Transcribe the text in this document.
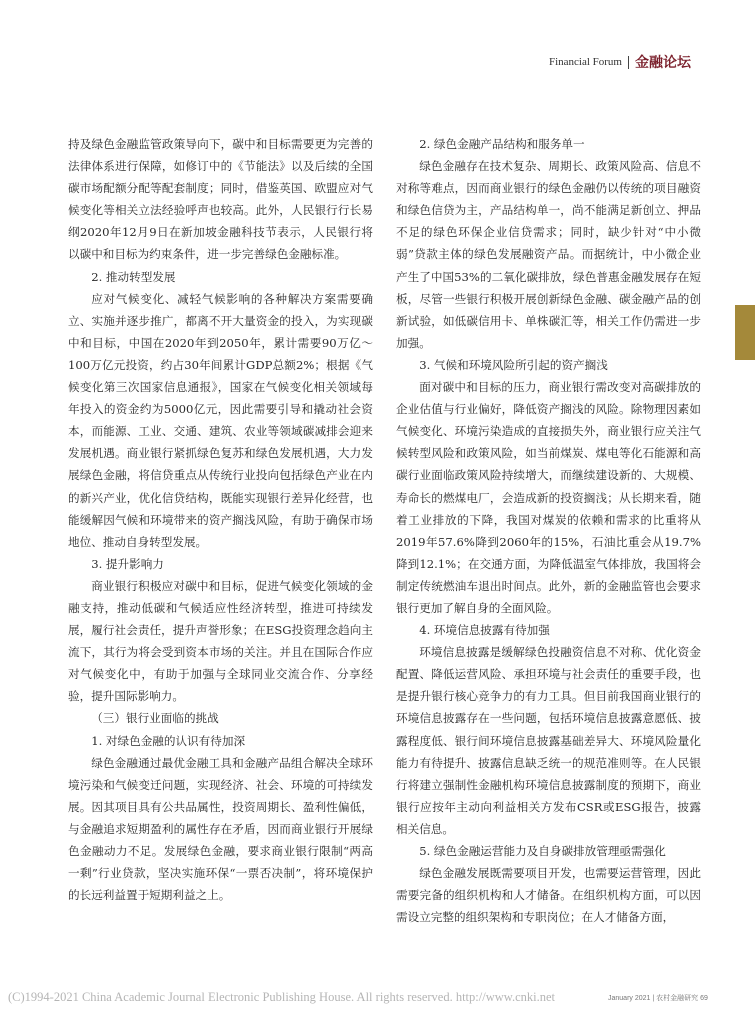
Financial Forum 金融论坛

持及绿色金融监管政策导向下，碳中和目标需要更为完善的法律体系进行保障，如修订中的《节能法》以及后续的全国碳市场配额分配等配套制度；同时，借鉴英国、欧盟应对气候变化等相关立法经验呼声也较高。此外，人民银行行长易纲2020年12月9日在新加坡金融科技节表示，人民银行将以碳中和目标为约束条件，进一步完善绿色金融标准。

2. 推动转型发展

应对气候变化、减轻气候影响的各种解决方案需要确立、实施并逐步推广，都离不开大量资金的投入，为实现碳中和目标，中国在2020年到2050年，累计需要90万亿～100万亿元投资，约占30年间累计GDP总额2%；根据《气候变化第三次国家信息通报》，国家在气候变化相关领域每年投入的资金约为5000亿元，因此需要引导和撬动社会资本，而能源、工业、交通、建筑、农业等领域碳减排会迎来发展机遇。商业银行紧抓绿色复苏和绿色发展机遇，大力发展绿色金融，将信贷重点从传统行业投向包括绿色产业在内的新兴产业，优化信贷结构，既能实现银行差异化经营，也能缓解因气候和环境带来的资产搁浅风险，有助于确保市场地位、推动自身转型发展。

3. 提升影响力

商业银行积极应对碳中和目标，促进气候变化领域的金融支持，推动低碳和气候适应性经济转型，推进可持续发展，履行社会责任，提升声誉形象；在ESG投资理念趋向主流下，其行为将会受到资本市场的关注。并且在国际合作应对气候变化中，有助于加强与全球同业交流合作、分享经验，提升国际影响力。

（三）银行业面临的挑战

1. 对绿色金融的认识有待加深

绿色金融通过最优金融工具和金融产品组合解决全球环境污染和气候变迁问题，实现经济、社会、环境的可持续发展。因其项目具有公共品属性，投资周期长、盈利性偏低，与金融追求短期盈利的属性存在矛盾，因而商业银行开展绿色金融动力不足。发展绿色金融，要求商业银行限制“两高一剩”行业贷款，坚决实施环保“一票否决制”，将环境保护的长远利益置于短期利益之上。

2. 绿色金融产品结构和服务单一

绿色金融存在技术复杂、周期长、政策风险高、信息不对称等难点，因而商业银行的绿色金融仍以传统的项目融资和绿色信贷为主，产品结构单一，尚不能满足新创立、押品不足的绿色环保企业信贷需求；同时，缺少针对“中小微弱”贷款主体的绿色发展融资产品。而据统计，中小微企业产生了中国53%的二氧化碳排放，绿色普惠金融发展存在短板，尽管一些银行积极开展创新绿色金融、碳金融产品的创新试验，如低碳信用卡、单株碳汇等，相关工作仍需进一步加强。

3. 气候和环境风险所引起的资产搁浅

面对碳中和目标的压力，商业银行需改变对高碳排放的企业估值与行业偏好，降低资产搁浅的风险。除物理因素如气候变化、环境污染造成的直接损失外，商业银行应关注气候转型风险和政策风险，如当前煤炭、煤电等化石能源和高碳行业面临政策风险持续增大，而继续建设新的、大规模、寿命长的燃煤电厂，会造成新的投资搁浅；从长期来看，随着工业排放的下降，我国对煤炭的依赖和需求的比重将从2019年57.6%降到2060年的15%，石油比重会从19.7%降到12.1%；在交通方面，为降低温室气体排放，我国将会制定传统燃油车退出时间点。此外，新的金融监管也会要求银行更加了解自身的全面风险。

4. 环境信息披露有待加强

环境信息披露是缓解绿色投融资信息不对称、优化资金配置、降低运营风险、承担环境与社会责任的重要手段，也是提升银行核心竞争力的有力工具。但目前我国商业银行的环境信息披露存在一些问题，包括环境信息披露意愿低、披露程度低、银行间环境信息披露基础差异大、环境风险量化能力有待提升、披露信息缺乏统一的规范准则等。在人民银行将建立强制性金融机构环境信息披露制度的预期下，商业银行应按年主动向利益相关方发布CSR或ESG报告，披露相关信息。

5. 绿色金融运营能力及自身碳排放管理亟需强化

绿色金融发展既需要项目开发，也需要运营管理，因此需要完备的组织机构和人才储备。在组织机构方面，可以因需设立完整的组织架构和专职岗位；在人才储备方面，

(C)1994-2021 China Academic Journal Electronic Publishing House. All rights reserved. http://www.cnki.net	January 2021 | 农村金融研究 69
